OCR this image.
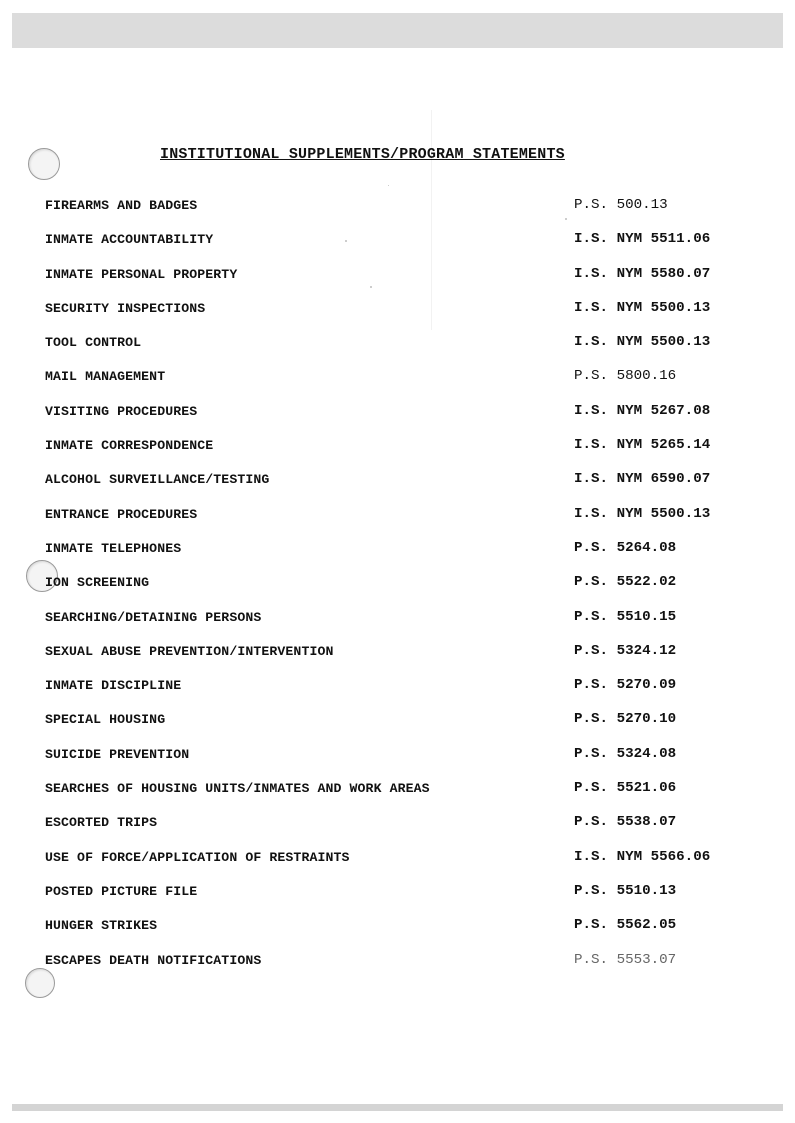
INSTITUTIONAL SUPPLEMENTS/PROGRAM STATEMENTS
FIREARMS AND BADGES	P.S. 500.13
INMATE ACCOUNTABILITY	I.S. NYM 5511.06
INMATE PERSONAL PROPERTY	I.S. NYM 5580.07
SECURITY INSPECTIONS	I.S. NYM 5500.13
TOOL CONTROL	I.S. NYM 5500.13
MAIL MANAGEMENT	P.S. 5800.16
VISITING PROCEDURES	I.S. NYM 5267.08
INMATE CORRESPONDENCE	I.S. NYM 5265.14
ALCOHOL SURVEILLANCE/TESTING	I.S. NYM 6590.07
ENTRANCE PROCEDURES	I.S. NYM 5500.13
INMATE TELEPHONES	P.S. 5264.08
ION SCREENING	P.S. 5522.02
SEARCHING/DETAINING PERSONS	P.S. 5510.15
SEXUAL ABUSE PREVENTION/INTERVENTION	P.S. 5324.12
INMATE DISCIPLINE	P.S. 5270.09
SPECIAL HOUSING	P.S. 5270.10
SUICIDE PREVENTION	P.S. 5324.08
SEARCHES OF HOUSING UNITS/INMATES AND WORK AREAS	P.S. 5521.06
ESCORTED TRIPS	P.S. 5538.07
USE OF FORCE/APPLICATION OF RESTRAINTS	I.S. NYM 5566.06
POSTED PICTURE FILE	P.S. 5510.13
HUNGER STRIKES	P.S. 5562.05
ESCAPES DEATH NOTIFICATIONS	P.S. 5553.07
